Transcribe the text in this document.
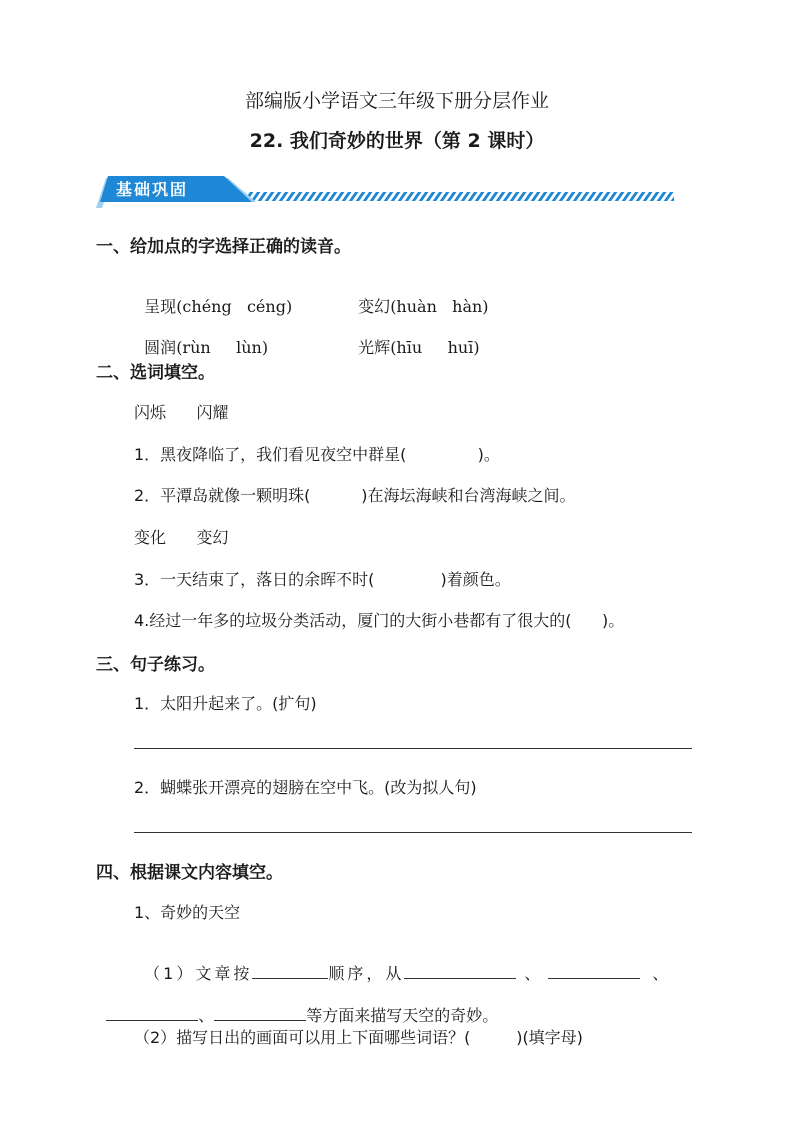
部编版小学语文三年级下册分层作业
22. 我们奇妙的世界（第 2 课时）
基础巩固
一、给加点的字选择正确的读音。

呈现(chéng   céng)	变幻(huàn   hàn)

圆润(rùn     lùn)	光辉(hīu     huī)

二、选词填空。
闪烁      闪耀
1．黑夜降临了，我们看见夜空中群星(              )。
2．平潭岛就像一颗明珠(          )在海坛海峡和台湾海峡之间。
变化      变幻
3．一天结束了，落日的余晖不时(             )着颜色。
4.经过一年多的垃圾分类活动，厦门的大街小巷都有了很大的(      )。
三、句子练习。
1．太阳升起来了。(扩句)
2．蝴蝶张开漂亮的翅膀在空中飞。(改为拟人句)
四、根据课文内容填空。
1、奇妙的天空

（1）文章按	顺序，从	、	、

、	等方面来描写天空的奇妙。

（2）描写日出的画面可以用上下面哪些词语？(         )(填字母)
